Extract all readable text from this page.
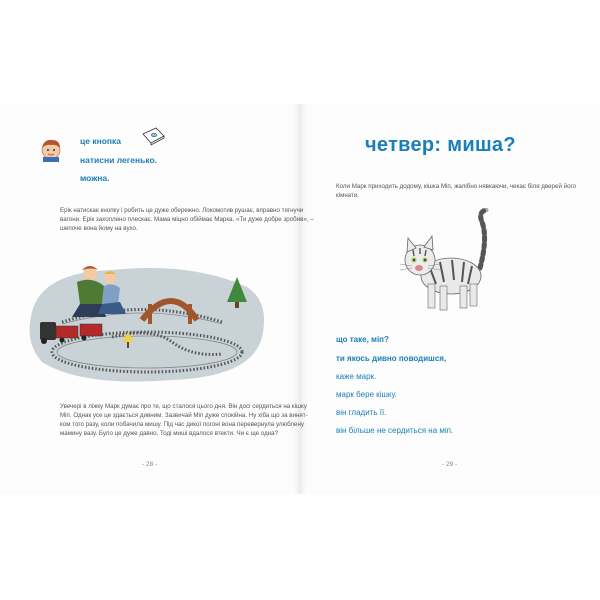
це кнопка
натисни легенько.
можна.
Ерік натискає кнопку і робить це дуже обережно. Локомотив рушає, вправно тягнучи
вагони. Ерік захоплено плескає. Мама міцно обіймає Марка. «Ти дуже добре зробив», –
шепоче вона йому на вухо.
Увечері в ліжку Марк думає про те, що сталося цього дня. Він досі сердиться на кішку
Міп. Однак усе це здається дивним. Зазвичай Міп дуже спокійна. Ну хіба що за винят-
ком того разу, коли побачила мишу. Під час дикої погоні вона перевернула улюблену
мамину вазу. Було це дуже давно. Тоді миші вдалося втекти. Чи є ще одна?
- 28 -
четвер: миша?
Коли Марк приходить додому, кішка Міп, жалібно нявкаючи, чекає біля дверей його
кімнати.
що таке, міп?
ти якось дивно поводишся,
каже марк.
марк бере кішку.
він гладить її.
він більше не сердиться на міп.
- 29 -
